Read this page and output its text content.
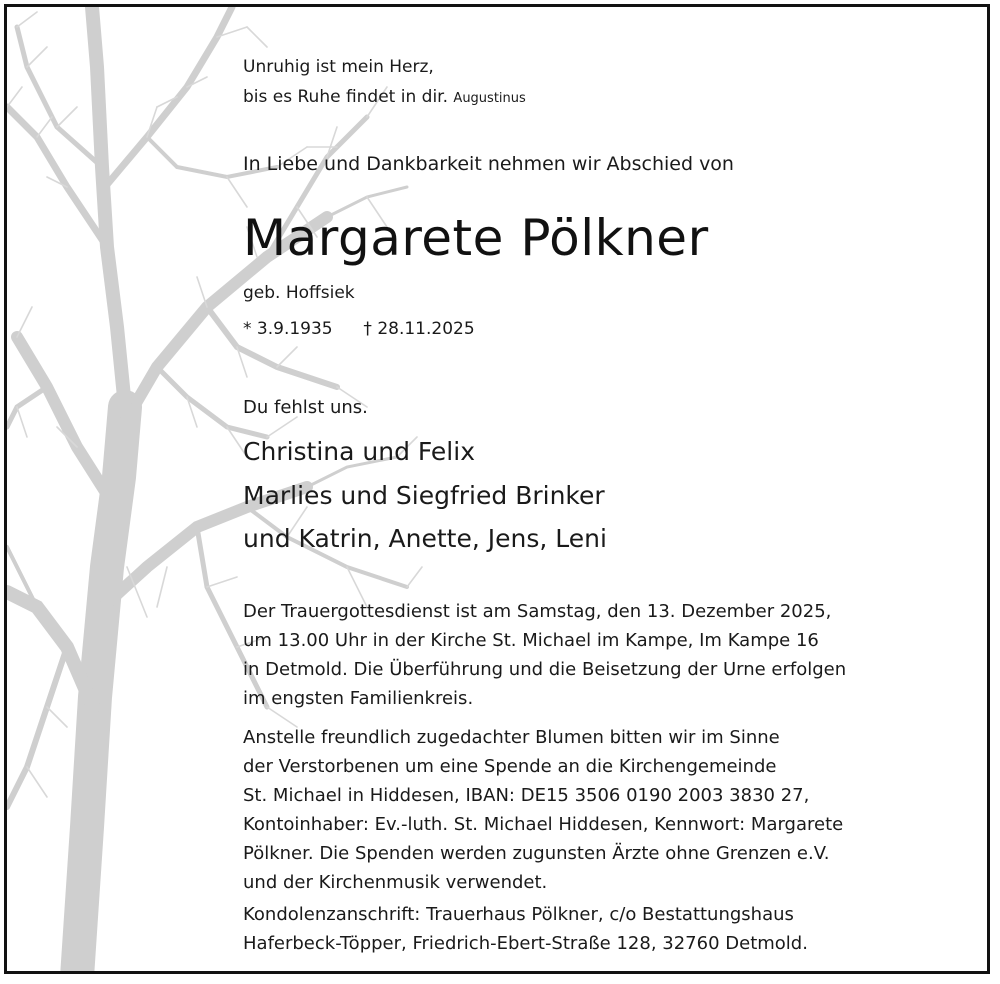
Unruhig ist mein Herz,
bis es Ruhe findet in dir. Augustinus
In Liebe und Dankbarkeit nehmen wir Abschied von
Margarete Pölkner
geb. Hoffsiek
* 3.9.1935 † 28.11.2025
Du fehlst uns.
Christina und Felix
Marlies und Siegfried Brinker
und Katrin, Anette, Jens, Leni
Der Trauergottesdienst ist am Samstag, den 13. Dezember 2025,
um 13.00 Uhr in der Kirche St. Michael im Kampe, Im Kampe 16
in Detmold. Die Überführung und die Beisetzung der Urne erfolgen
im engsten Familienkreis.
Anstelle freundlich zugedachter Blumen bitten wir im Sinne
der Verstorbenen um eine Spende an die Kirchengemeinde
St. Michael in Hiddesen, IBAN: DE15 3506 0190 2003 3830 27,
Kontoinhaber: Ev.-luth. St. Michael Hiddesen, Kennwort: Margarete
Pölkner. Die Spenden werden zugunsten Ärzte ohne Grenzen e.V.
und der Kirchenmusik verwendet.
Kondolenzanschrift: Trauerhaus Pölkner, c/o Bestattungshaus
Haferbeck-Töpper, Friedrich-Ebert-Straße 128, 32760 Detmold.
